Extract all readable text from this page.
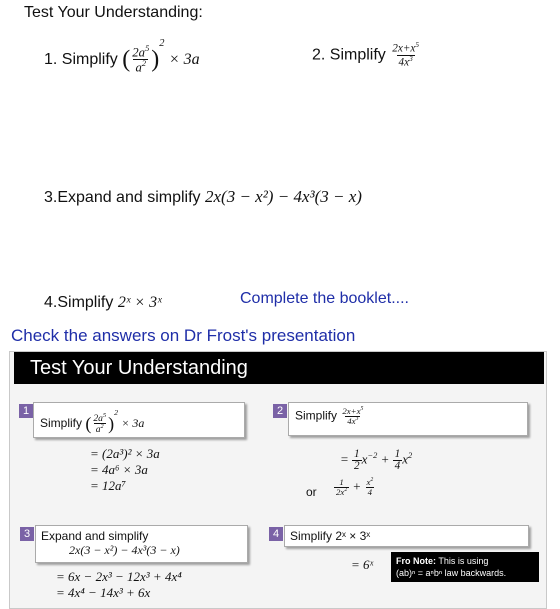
Test Your Understanding:
1. Simplify ( $\frac{2a^5}{a^2} )^2 \times 3a$	2. Simplify $\frac{2x+x^5}{4x^3}$
3.Expand and simplify 2x(3 − x²) − 4x³(3 − x)
4.Simplify 2ˣ × 3ˣ	Complete the booklet....
Check the answers on Dr Frost's presentation
Test Your Understanding
1
Simplify ( $\frac{2a^5}{a^2} )^2 \times 3a$
= (2a³)² × 3a
= 4a⁶ × 3a
= 12a⁷
2 Simplify $\frac{2x+x^5}{4x^3}$
= $\frac{1}{2} x^{-2} + \frac{1}{4} x^2$
or $\frac{1}{2x^2} + \frac{x^2}{4}$
3 Expand and simplify
2x(3 − x²) − 4x³(3 − x)
= 6x − 2x³ − 12x³ + 4x⁴
= 4x⁴ − 14x³ + 6x
4 Simplify 2ˣ × 3ˣ
= 6ˣ	Fro Note: This is using
(ab)ⁿ = aⁿbⁿ law backwards.
